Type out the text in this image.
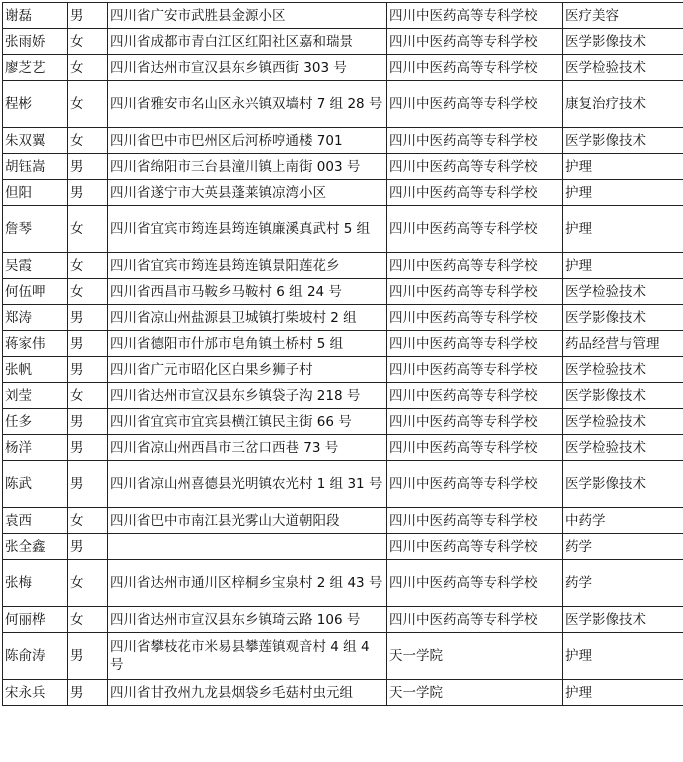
谢磊	男	四川省广安市武胜县金源小区	四川中医药高等专科学校	医疗美容
张雨娇	女	四川省成都市青白江区红阳社区嘉和瑞景	四川中医药高等专科学校	医学影像技术
廖芝艺	女	四川省达州市宣汉县东乡镇西街 303 号	四川中医药高等专科学校	医学检验技术
程彬	女	四川省雅安市名山区永兴镇双墙村 7 组 28 号	四川中医药高等专科学校	康复治疗技术
朱双翼	女	四川省巴中市巴州区后河桥哼通楼 701	四川中医药高等专科学校	医学影像技术
胡钰嵩	男	四川省绵阳市三台县潼川镇上南街 003 号	四川中医药高等专科学校	护理
但阳	男	四川省遂宁市大英县蓬莱镇凉湾小区	四川中医药高等专科学校	护理
詹琴	女	四川省宜宾市筠连县筠连镇廉溪真武村 5 组	四川中医药高等专科学校	护理
吴霞	女	四川省宜宾市筠连县筠连镇景阳莲花乡	四川中医药高等专科学校	护理
何伍呷	女	四川省西昌市马鞍乡马鞍村 6 组 24 号	四川中医药高等专科学校	医学检验技术
郑涛	男	四川省凉山州盐源县卫城镇打柴坡村 2 组	四川中医药高等专科学校	医学影像技术
蒋家伟	男	四川省德阳市什邡市皂角镇土桥村 5 组	四川中医药高等专科学校	药品经营与管理
张帆	男	四川省广元市昭化区白果乡狮子村	四川中医药高等专科学校	医学检验技术
刘莹	女	四川省达州市宣汉县东乡镇袋子沟 218 号	四川中医药高等专科学校	医学影像技术
任多	男	四川省宜宾市宜宾县横江镇民主街 66 号	四川中医药高等专科学校	医学检验技术
杨洋	男	四川省凉山州西昌市三岔口西巷 73 号	四川中医药高等专科学校	医学检验技术
陈武	男	四川省凉山州喜德县光明镇农光村 1 组 31 号	四川中医药高等专科学校	医学影像技术
袁西	女	四川省巴中市南江县光雾山大道朝阳段	四川中医药高等专科学校	中药学
张全鑫	男		四川中医药高等专科学校	药学
张梅	女	四川省达州市通川区梓桐乡宝泉村 2 组 43 号	四川中医药高等专科学校	药学
何丽桦	女	四川省达州市宣汉县东乡镇琦云路 106 号	四川中医药高等专科学校	医学影像技术
陈俞涛	男	四川省攀枝花市米易县攀莲镇观音村 4 组 4 号	天一学院	护理
宋永兵	男	四川省甘孜州九龙县烟袋乡毛菇村虫元组	天一学院	护理
